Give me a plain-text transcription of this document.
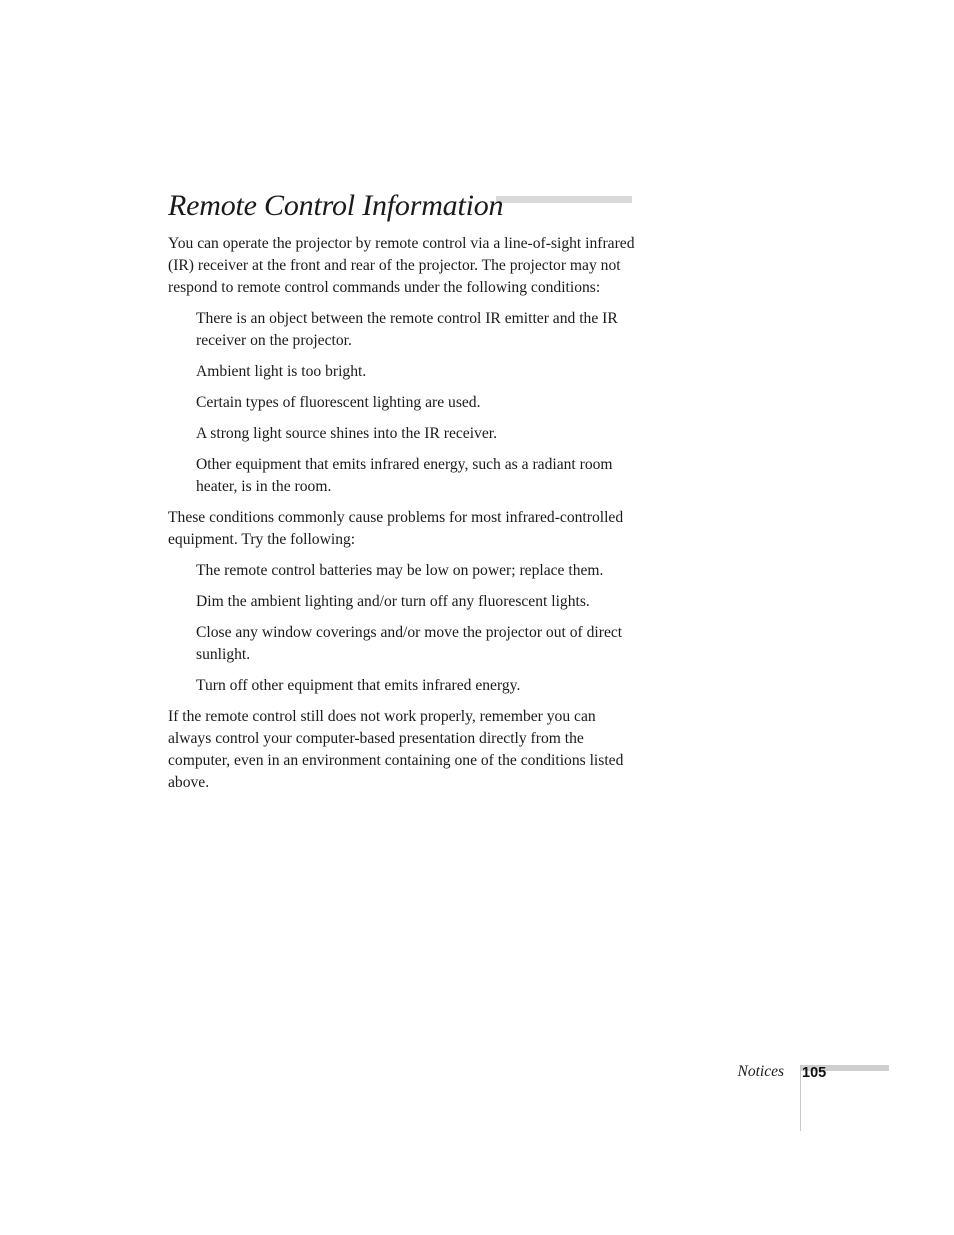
Remote Control Information

You can operate the projector by remote control via a line-of-sight infrared (IR) receiver at the front and rear of the projector. The projector may not respond to remote control commands under the following conditions:

There is an object between the remote control IR emitter and the IR receiver on the projector.

Ambient light is too bright.

Certain types of fluorescent lighting are used.

A strong light source shines into the IR receiver.

Other equipment that emits infrared energy, such as a radiant room heater, is in the room.

These conditions commonly cause problems for most infrared-controlled equipment. Try the following:

The remote control batteries may be low on power; replace them.

Dim the ambient lighting and/or turn off any fluorescent lights.

Close any window coverings and/or move the projector out of direct sunlight.

Turn off other equipment that emits infrared energy.

If the remote control still does not work properly, remember you can always control your computer-based presentation directly from the computer, even in an environment containing one of the conditions listed above.

Notices 105
